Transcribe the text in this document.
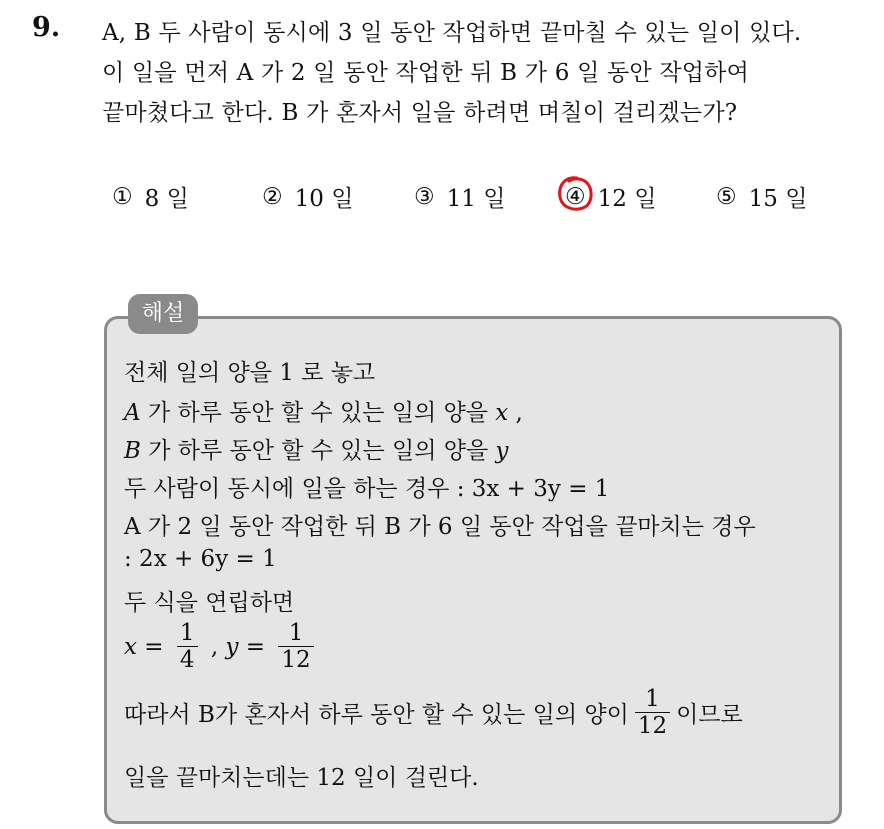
9. A, B 두 사람이 동시에 3 일 동안 작업하면 끝마칠 수 있는 일이 있다.
이 일을 먼저 A 가 2 일 동안 작업한 뒤 B 가 6 일 동안 작업하여
끝마쳤다고 한다. B 가 혼자서 일을 하려면 며칠이 걸리겠는가?
① 8 일	② 10 일	③ 11 일	④ 12 일	⑤ 15 일
해설
전체 일의 양을 1 로 놓고
A 가 하루 동안 할 수 있는 일의 양을 x ,
B 가 하루 동안 할 수 있는 일의 양을 y
두 사람이 동시에 일을 하는 경우 : 3x + 3y = 1
A 가 2 일 동안 작업한 뒤 B 가 6 일 동안 작업을 끝마치는 경우
: 2x + 6y = 1
두 식을 연립하면
$x = \frac{1}{4}$ , $y = \frac{1}{12}$
따라서 B가 혼자서 하루 동안 할 수 있는 일의 양이 $\frac{1}{12}$ 이므로
일을 끝마치는데는 12 일이 걸린다.
